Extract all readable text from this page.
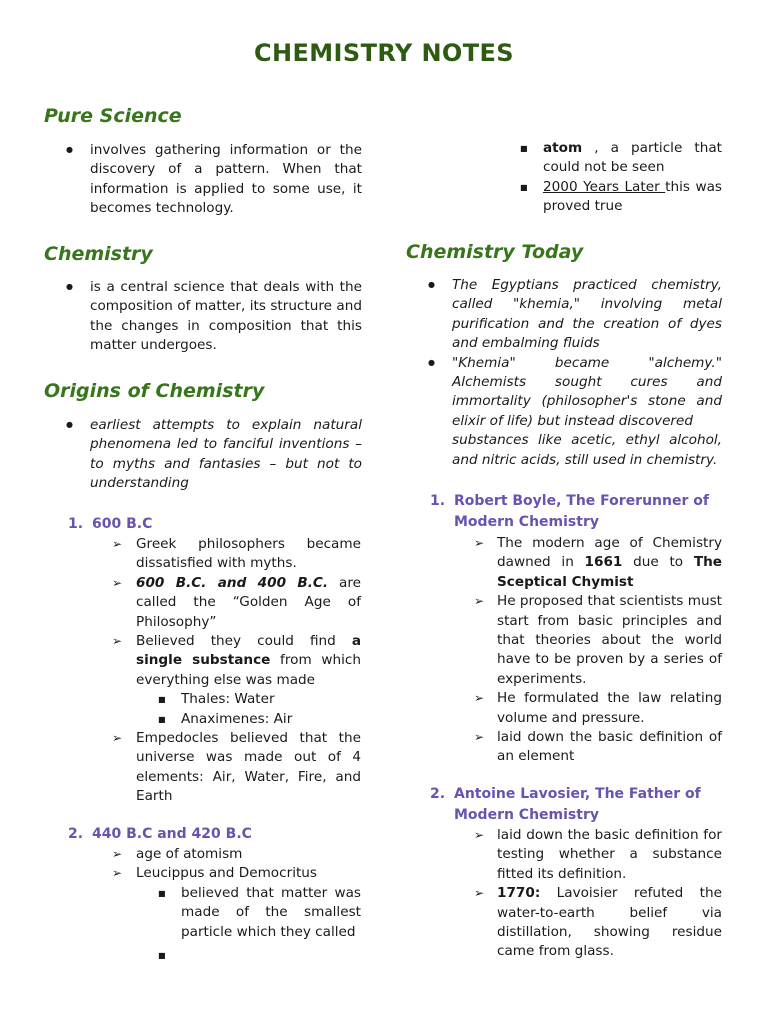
CHEMISTRY NOTES
Pure Science
●
involves gathering information or the discovery of a pattern. When that information is applied to some use, it becomes technology.
Chemistry
●
is a central science that deals with the composition of matter, its structure and the changes in composition that this matter undergoes.
Origins of Chemistry
●
earliest attempts to explain natural phenomena led to fanciful inventions – to myths and fantasies – but not to understanding
1. 600 B.C
➢ Greek philosophers became dissatisfied with myths.
➢ 600 B.C. and 400 B.C. are called the “Golden Age of Philosophy”
➢ Believed they could find a single substance from which everything else was made
■ Thales: Water
■ Anaximenes: Air
➢ Empedocles believed that the universe was made out of 4 elements: Air, Water, Fire, and Earth
2. 440 B.C and 420 B.C
➢ age of atomism
➢ Leucippus and Democritus
■ believed that matter was made of the smallest particle which they called
■
■ atom , a particle that could not be seen
■ 2000 Years Later this was proved true
Chemistry Today
●
The Egyptians practiced chemistry, called "khemia," involving metal purification and the creation of dyes and embalming fluids
●
"Khemia" became "alchemy." Alchemists sought cures and immortality (philosopher's stone and elixir of life) but instead discovered
substances like acetic, ethyl alcohol, and nitric acids, still used in chemistry.
1. Robert Boyle, The Forerunner of Modern Chemistry
➢ The modern age of Chemistry dawned in 1661 due to The Sceptical Chymist
➢ He proposed that scientists must start from basic principles and that theories about the world have to be proven by a series of experiments.
➢ He formulated the law relating volume and pressure.
➢ laid down the basic definition of an element
2. Antoine Lavosier, The Father of Modern Chemistry
➢ laid down the basic definition for testing whether a substance fitted its definition.
➢ 1770: Lavoisier refuted the water-to-earth belief via distillation, showing residue came from glass.
